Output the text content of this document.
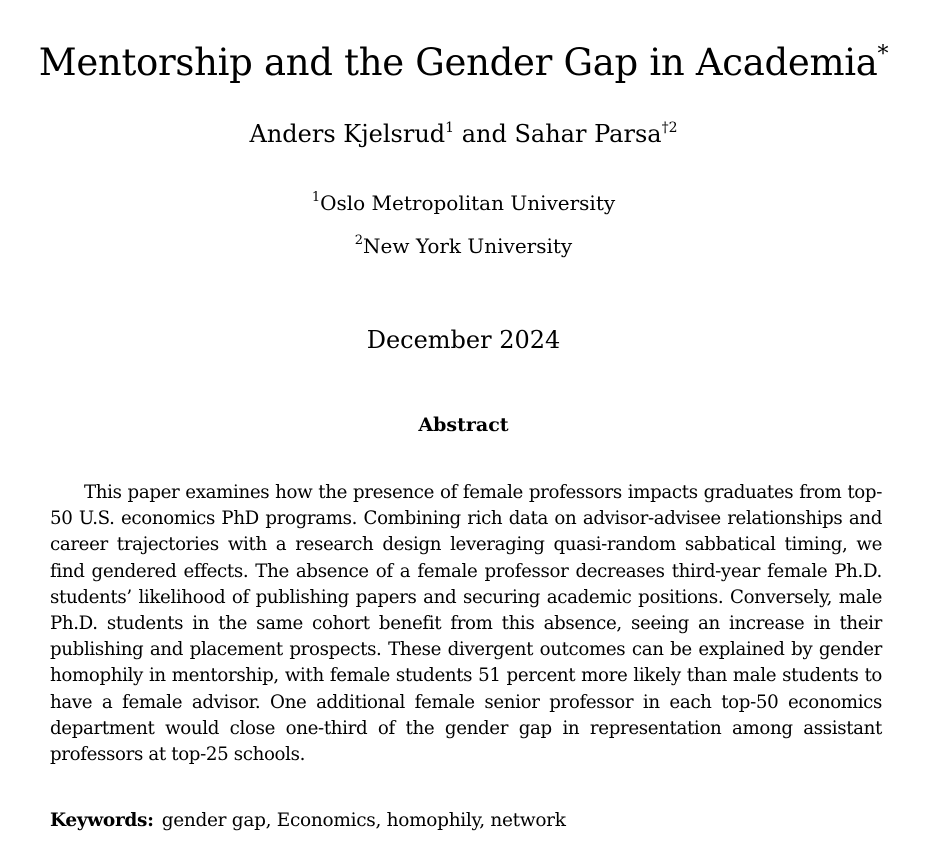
Mentorship and the Gender Gap in Academia*
Anders Kjelsrud$^1$ and Sahar Parsa$^{\dagger 2}$
$^1$Oslo Metropolitan University
$^2$New York University
December 2024
Abstract

This paper examines how the presence of female professors impacts graduates from top-50 U.S. economics PhD programs. Combining rich data on advisor-advisee relationships and career trajectories with a research design leveraging quasi-random sabbatical timing, we find gendered effects. The absence of a female professor decreases third-year female Ph.D. students’ likelihood of publishing papers and securing academic positions. Conversely, male Ph.D. students in the same cohort benefit from this absence, seeing an increase in their publishing and placement prospects. These divergent outcomes can be explained by gender homophily in mentorship, with female students 51 percent more likely than male students to have a female advisor. One additional female senior professor in each top-50 economics department would close one-third of the gender gap in representation among assistant professors at top-25 schools.

Keywords: gender gap, Economics, homophily, network
